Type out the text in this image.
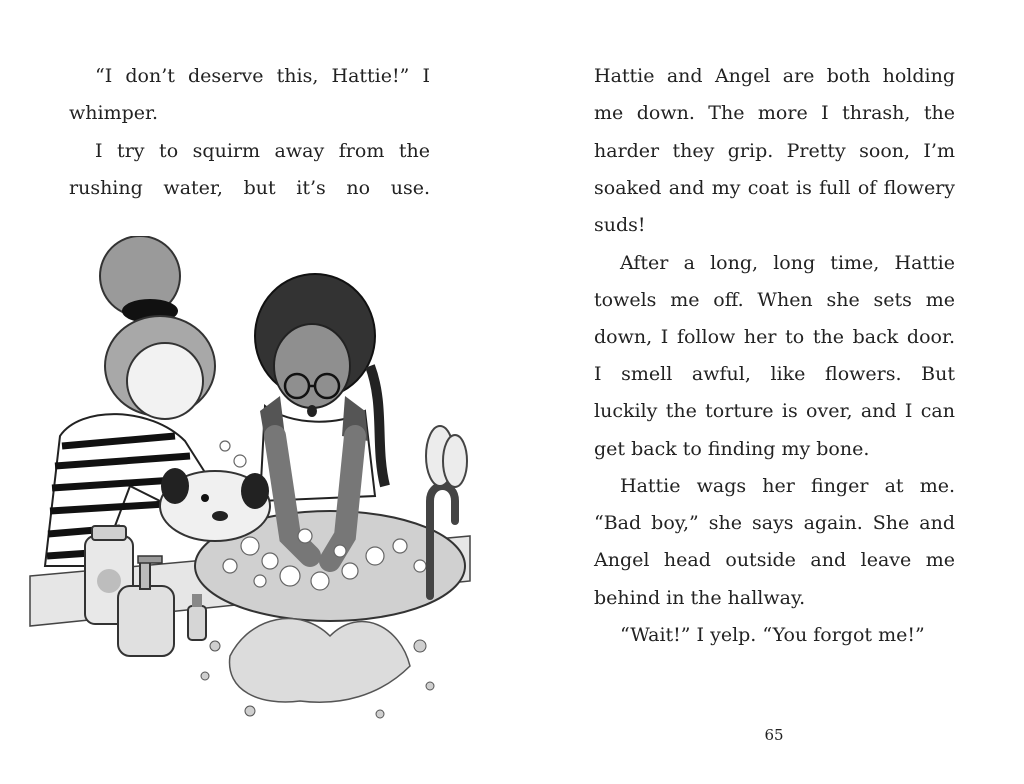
“I don’t deserve this, Hattie!” I
whimper.
I try to squirm away from the
rushing water, but it’s no use.
Hattie and Angel are both holding
me down. The more I thrash, the
harder they grip. Pretty soon, I’m
soaked and my coat is full of flowery
suds!
After a long, long time, Hattie
towels me off. When she sets me
down, I follow her to the back door.
I smell awful, like flowers. But
luckily the torture is over, and I can
get back to finding my bone.
Hattie wags her finger at me.
“Bad boy,” she says again. She and
Angel head outside and leave me
behind in the hallway.
“Wait!” I yelp. “You forgot me!”
65
